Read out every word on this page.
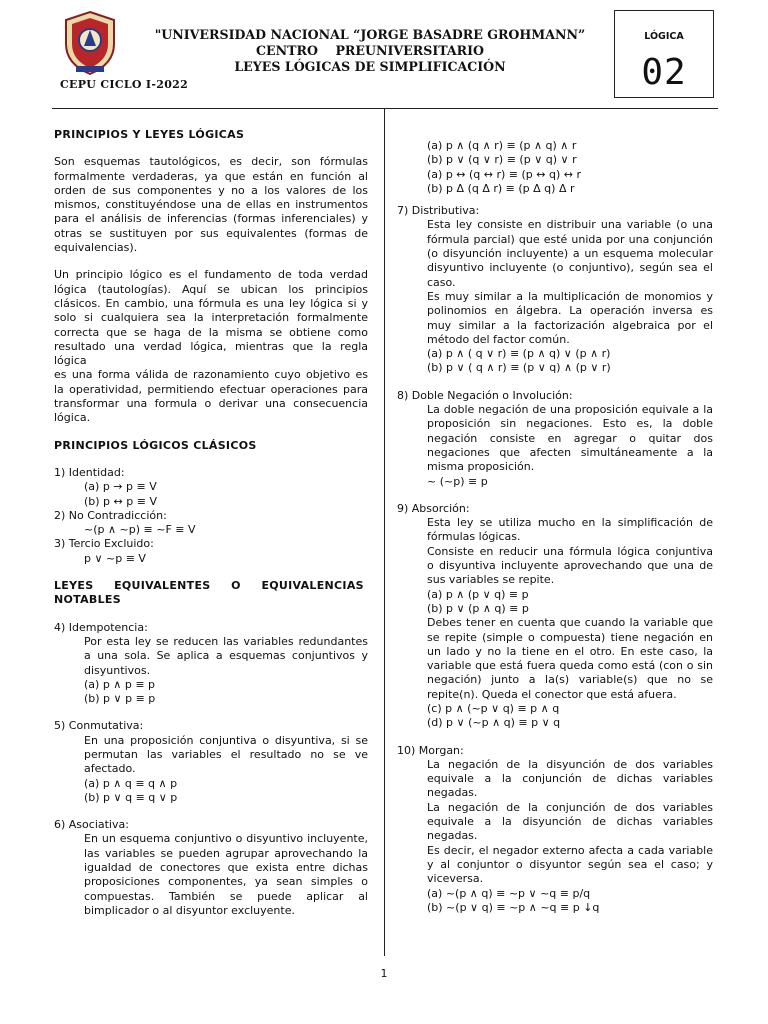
CEPU CICLO I-2022
"UNIVERSIDAD NACIONAL “JORGE BASADRE GROHMANN”
CENTRO    PREUNIVERSITARIO
LEYES LÓGICAS DE SIMPLIFICACIÓN
LÓGICA
02
PRINCIPIOS Y LEYES LÓGICAS
Son esquemas tautológicos, es decir, son fórmulas
formalmente verdaderas, ya que están en función al
orden de sus componentes y no a los valores de los
mismos, constituyéndose una de ellas en instrumentos
para el análisis de inferencias (formas inferenciales) y
otras se sustituyen por sus equivalentes (formas de
equivalencias).
Un principio lógico es el fundamento de toda verdad
lógica (tautologías). Aquí se ubican los principios
clásicos. En cambio, una fórmula es una ley lógica si y
solo si cualquiera sea la interpretación formalmente
correcta que se haga de la misma se obtiene como
resultado una verdad lógica, mientras que la regla lógica
es una forma válida de razonamiento cuyo objetivo es
la operatividad, permitiendo efectuar operaciones para
transformar una formula o derivar una consecuencia
lógica.
PRINCIPIOS LÓGICOS CLÁSICOS
1) Identidad:
(a) p → p ≡ V
(b) p ↔ p ≡ V
2) No Contradicción:
~(p ∧ ~p) ≡ ~F ≡ V
3) Tercio Excluido:
p ∨ ~p ≡ V
LEYES     EQUIVALENTES     O     EQUIVALENCIAS
NOTABLES
4) Idempotencia:
Por esta ley se reducen las variables redundantes
a una sola. Se aplica a esquemas conjuntivos y
disyuntivos.
(a) p ∧ p ≡ p
(b) p ∨ p ≡ p
5) Conmutativa:
En una proposición conjuntiva o disyuntiva, si se
permutan las variables el resultado no se ve
afectado.
(a) p ∧ q ≡ q ∧ p
(b) p ∨ q ≡ q ∨ p
6) Asociativa:
En un esquema conjuntivo o disyuntivo incluyente,
las variables se pueden agrupar aprovechando la
igualdad de conectores que exista entre dichas
proposiciones componentes, ya sean simples o
compuestas. También se puede aplicar al
bimplicador o al disyuntor excluyente.
(a) p ∧ (q ∧ r) ≡ (p ∧ q) ∧ r
(b) p ∨ (q ∨ r) ≡ (p ∨ q) ∨ r
(a) p ↔ (q ↔ r) ≡ (p ↔ q) ↔ r
(b) p Δ (q Δ r) ≡ (p Δ q) Δ r
7) Distributiva:
Esta ley consiste en distribuir una variable (o una
fórmula parcial) que esté unida por una conjunción
(o disyunción incluyente) a un esquema molecular
disyuntivo incluyente (o conjuntivo), según sea el
caso.
Es muy similar a la multiplicación de monomios y
polinomios en álgebra. La operación inversa es
muy similar a la factorización algebraica por el
método del factor común.
(a) p ∧ ( q ∨ r) ≡ (p ∧ q) ∨ (p ∧ r)
(b) p ∨ ( q ∧ r) ≡ (p ∨ q) ∧ (p ∨ r)
8) Doble Negación o Involución:
La doble negación de una proposición equivale a la
proposición sin negaciones. Esto es, la doble
negación consiste en agregar o quitar dos
negaciones que afecten simultáneamente a la
misma proposición.
~ (~p) ≡ p
9) Absorción:
Esta ley se utiliza mucho en la simplificación de
fórmulas lógicas.
Consiste en reducir una fórmula lógica conjuntiva
o disyuntiva incluyente aprovechando que una de
sus variables se repite.
(a) p ∧ (p ∨ q) ≡ p
(b) p ∨ (p ∧ q) ≡ p
Debes tener en cuenta que cuando la variable que
se repite (simple o compuesta) tiene negación en
un lado y no la tiene en el otro. En este caso, la
variable que está fuera queda como está (con o sin
negación) junto a la(s) variable(s) que no se
repite(n). Queda el conector que está afuera.
(c) p ∧ (~p ∨ q) ≡ p ∧ q
(d) p ∨ (~p ∧ q) ≡ p ∨ q
10) Morgan:
La negación de la disyunción de dos variables
equivale a la conjunción de dichas variables
negadas.
La negación de la conjunción de dos variables
equivale a la disyunción de dichas variables
negadas.
Es decir, el negador externo afecta a cada variable
y al conjuntor o disyuntor según sea el caso; y
viceversa.
(a) ~(p ∧ q) ≡ ~p ∨ ~q ≡ p/q
(b) ~(p ∨ q) ≡ ~p ∧ ~q ≡ p ↓q
1
